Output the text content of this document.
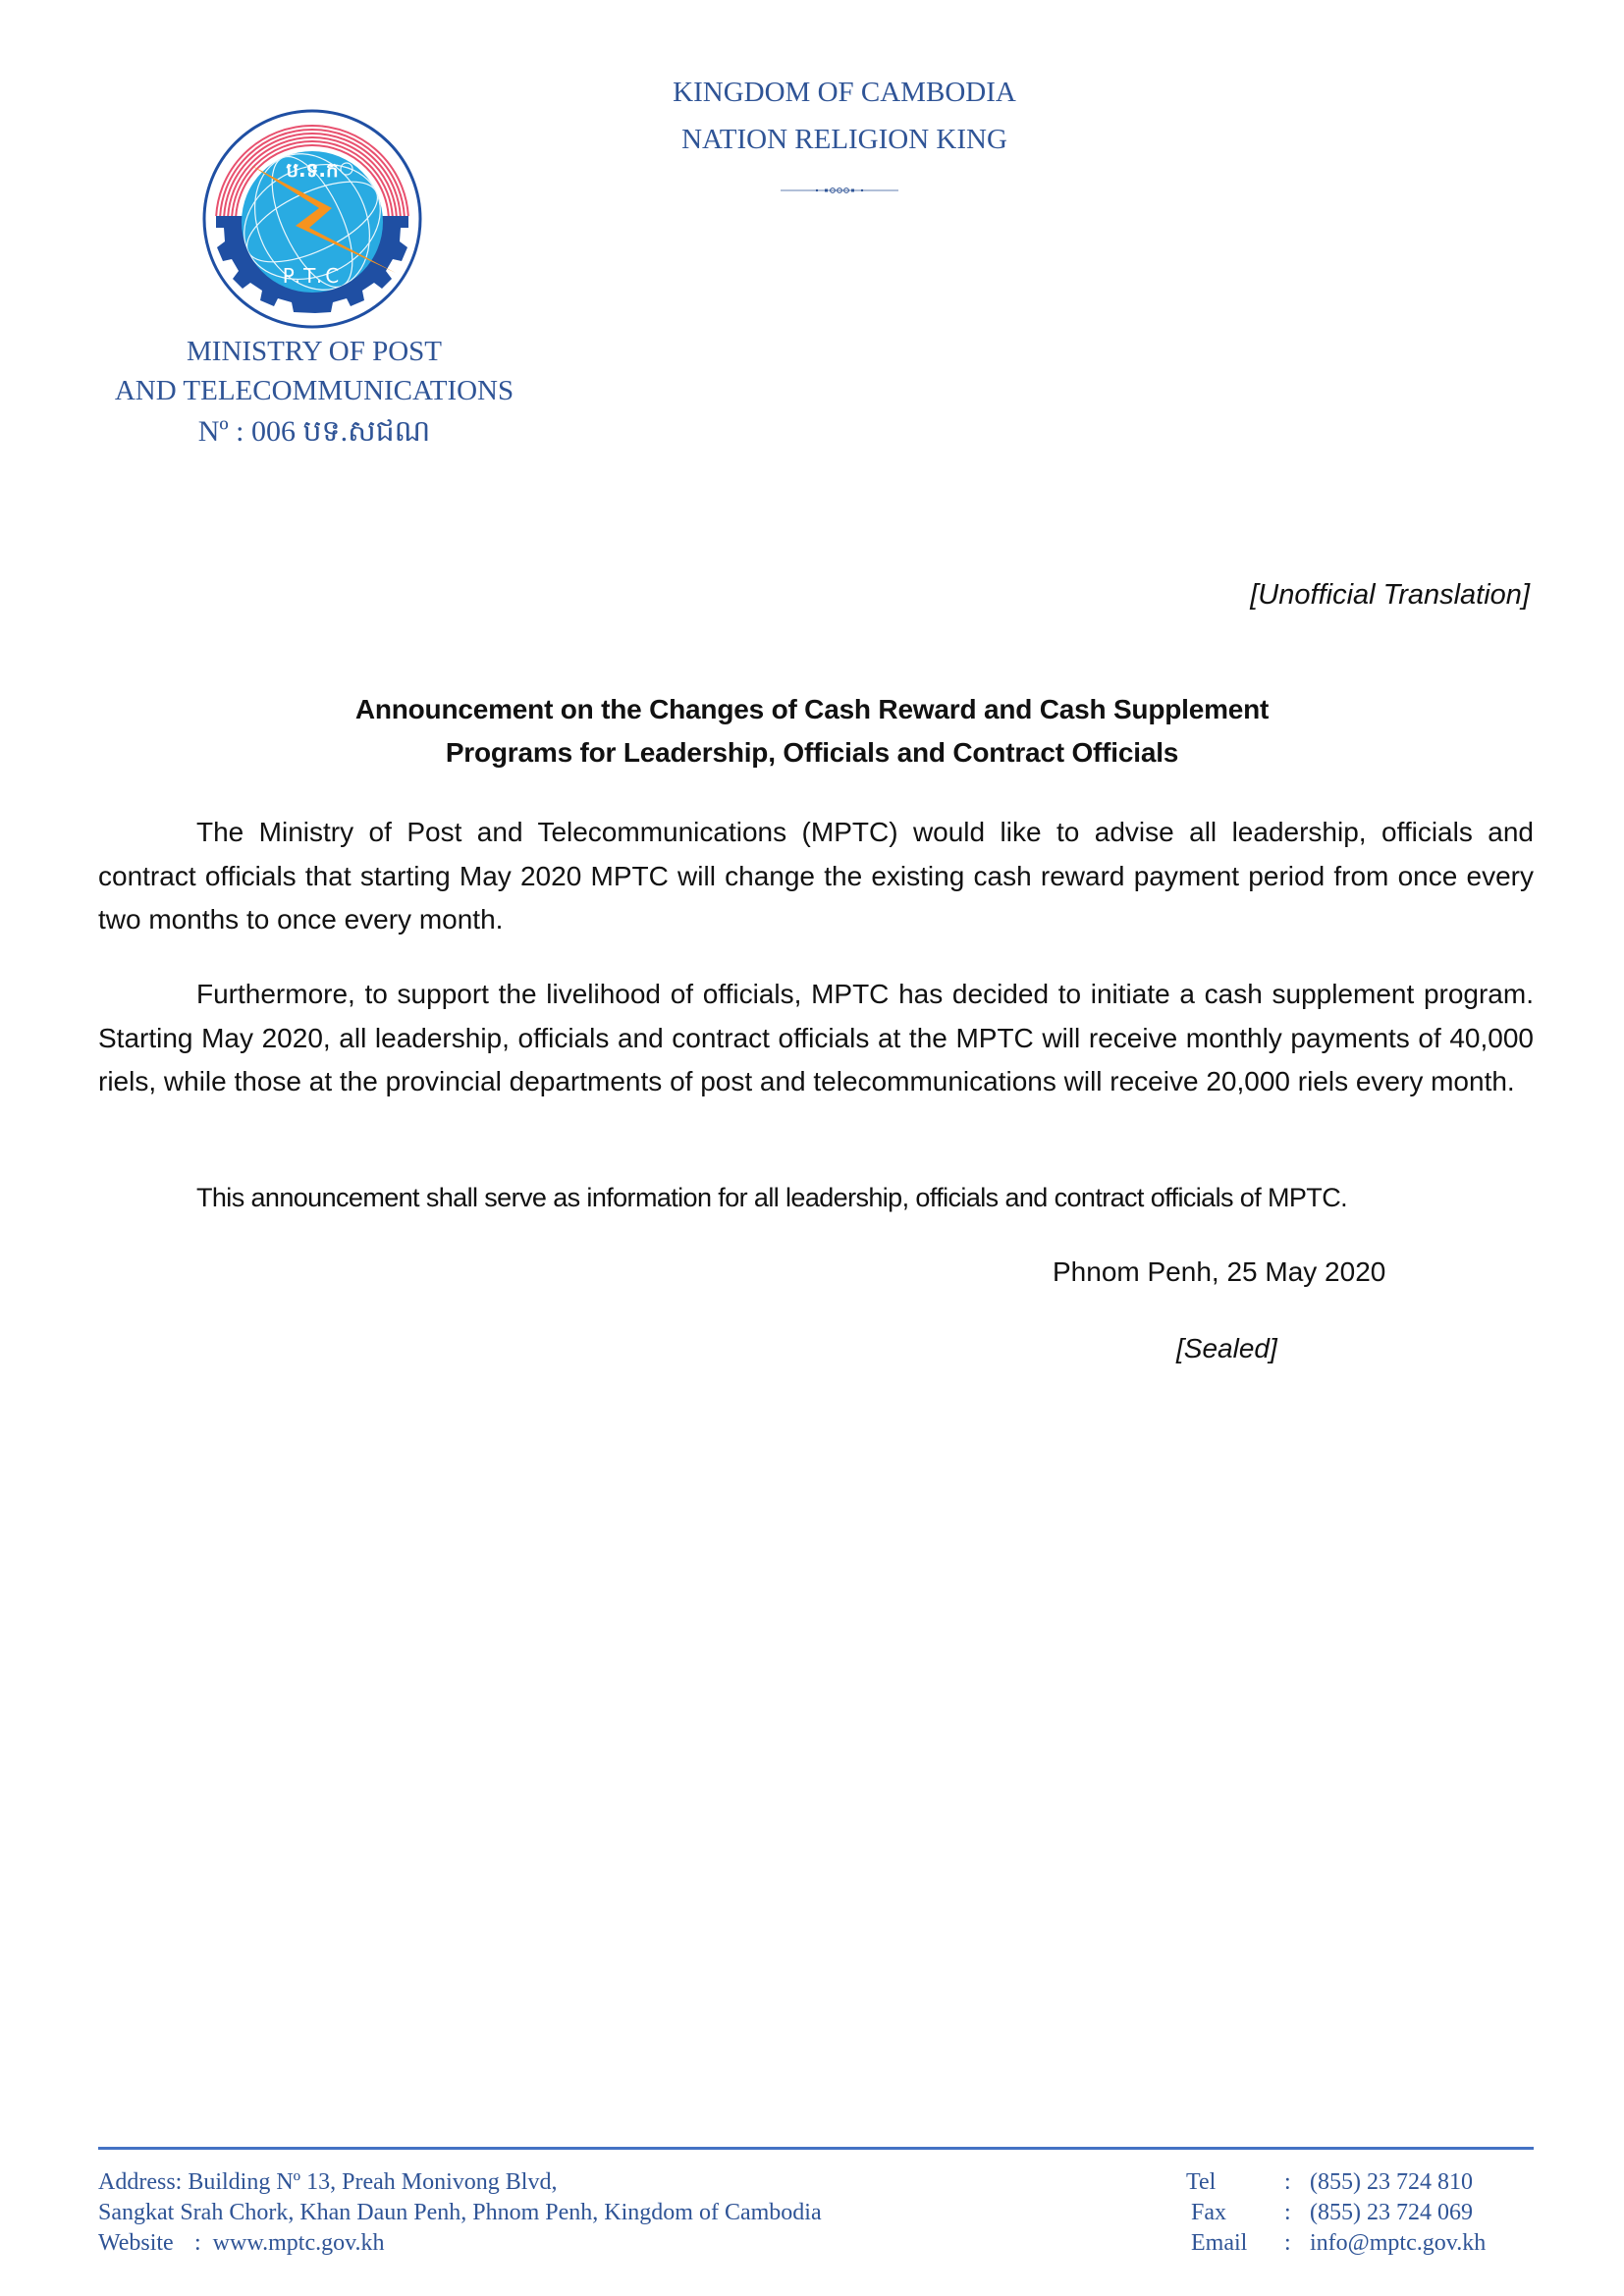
ប.ទ.ក
P.T.C
MINISTRY OF POST
AND TELECOMMUNICATIONS
Nº : 006 បទ.សជណ
KINGDOM OF CAMBODIA
NATION RELIGION KING
[Unofficial Translation]
Announcement on the Changes of Cash Reward and Cash Supplement
Programs for Leadership, Officials and Contract Officials
The Ministry of Post and Telecommunications (MPTC) would like to advise all leadership, officials and contract officials that starting May 2020 MPTC will change the existing cash reward payment period from once every two months to once every month.
Furthermore, to support the livelihood of officials, MPTC has decided to initiate a cash supplement program. Starting May 2020, all leadership, officials and contract officials at the MPTC will receive monthly payments of 40,000 riels, while those at the provincial departments of post and telecommunications will receive 20,000 riels every month.
This announcement shall serve as information for all leadership, officials and contract officials of MPTC.
Phnom Penh, 25 May 2020
[Sealed]
Address: Building Nº 13, Preah Monivong Blvd,
Sangkat Srah Chork, Khan Daun Penh, Phnom Penh, Kingdom of Cambodia
Website : www.mptc.gov.kh
Tel	: (855) 23 724 810
Fax	: (855) 23 724 069
Email	: info@mptc.gov.kh
